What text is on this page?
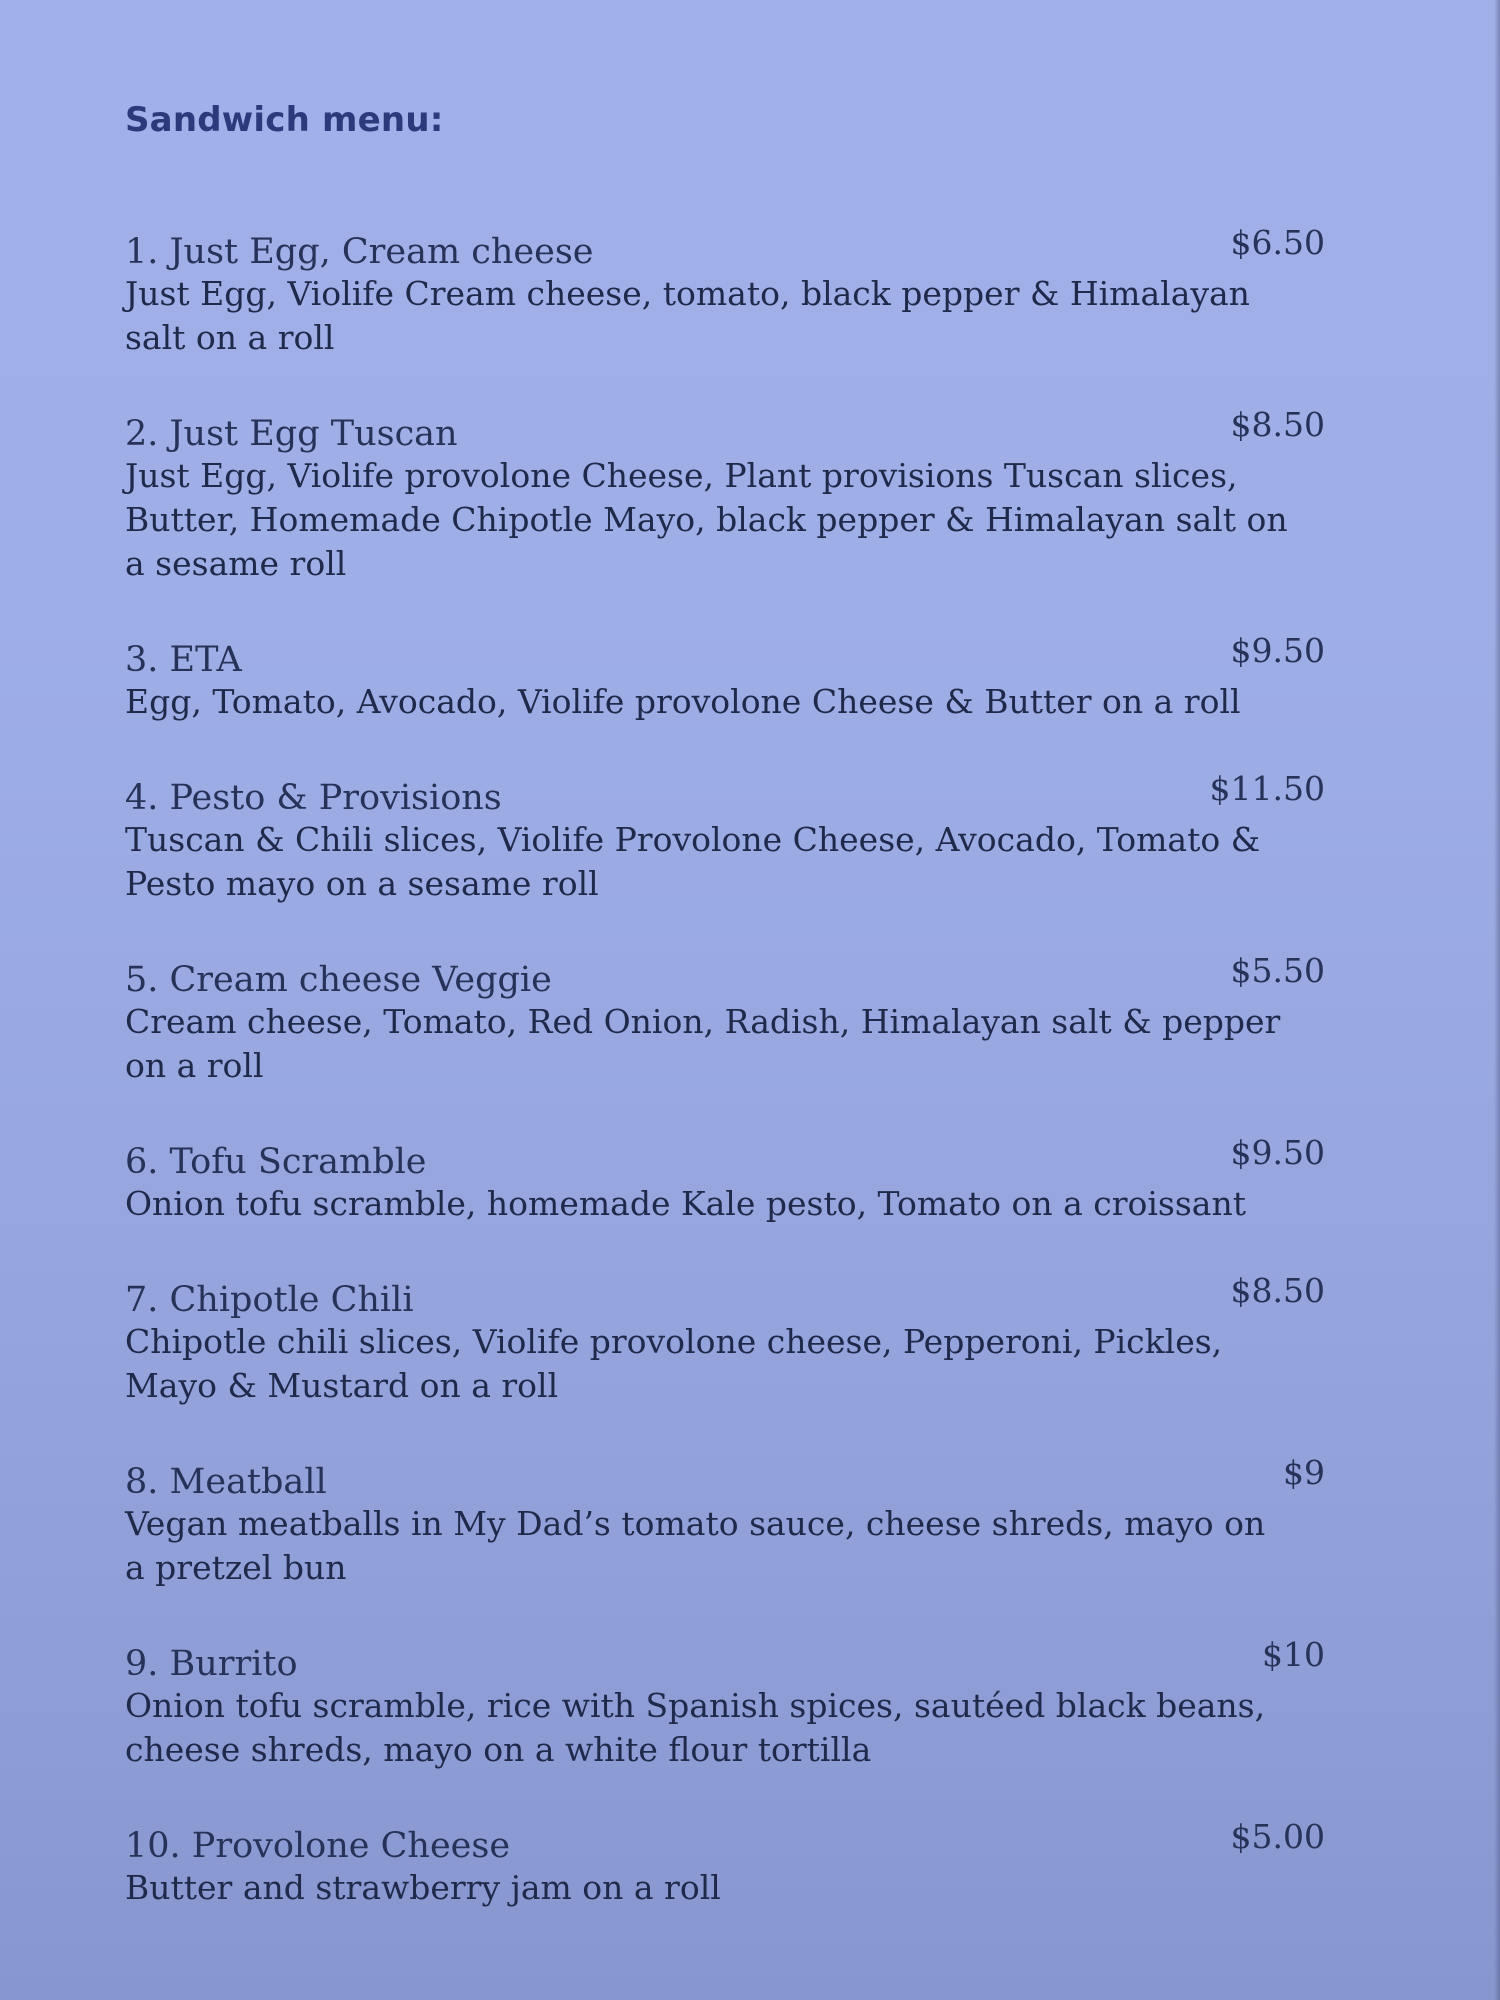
Sandwich menu:
1. Just Egg, Cream cheese	$6.50
Just Egg, Violife Cream cheese, tomato, black pepper & Himalayan salt on a roll
2. Just Egg Tuscan	$8.50
Just Egg, Violife provolone Cheese, Plant provisions Tuscan slices, Butter, Homemade Chipotle Mayo, black pepper & Himalayan salt on a sesame roll
3. ETA	$9.50
Egg, Tomato, Avocado, Violife provolone Cheese & Butter on a roll
4. Pesto & Provisions	$11.50
Tuscan & Chili slices, Violife Provolone Cheese, Avocado, Tomato & Pesto mayo on a sesame roll
5. Cream cheese Veggie	$5.50
Cream cheese, Tomato, Red Onion, Radish, Himalayan salt & pepper on a roll
6. Tofu Scramble	$9.50
Onion tofu scramble, homemade Kale pesto, Tomato on a croissant
7. Chipotle Chili	$8.50
Chipotle chili slices, Violife provolone cheese, Pepperoni, Pickles, Mayo & Mustard on a roll
8. Meatball	$9
Vegan meatballs in My Dad’s tomato sauce, cheese shreds, mayo on a pretzel bun
9. Burrito	$10
Onion tofu scramble, rice with Spanish spices, sautéed black beans, cheese shreds, mayo on a white flour tortilla
10. Provolone Cheese	$5.00
Butter and strawberry jam on a roll
